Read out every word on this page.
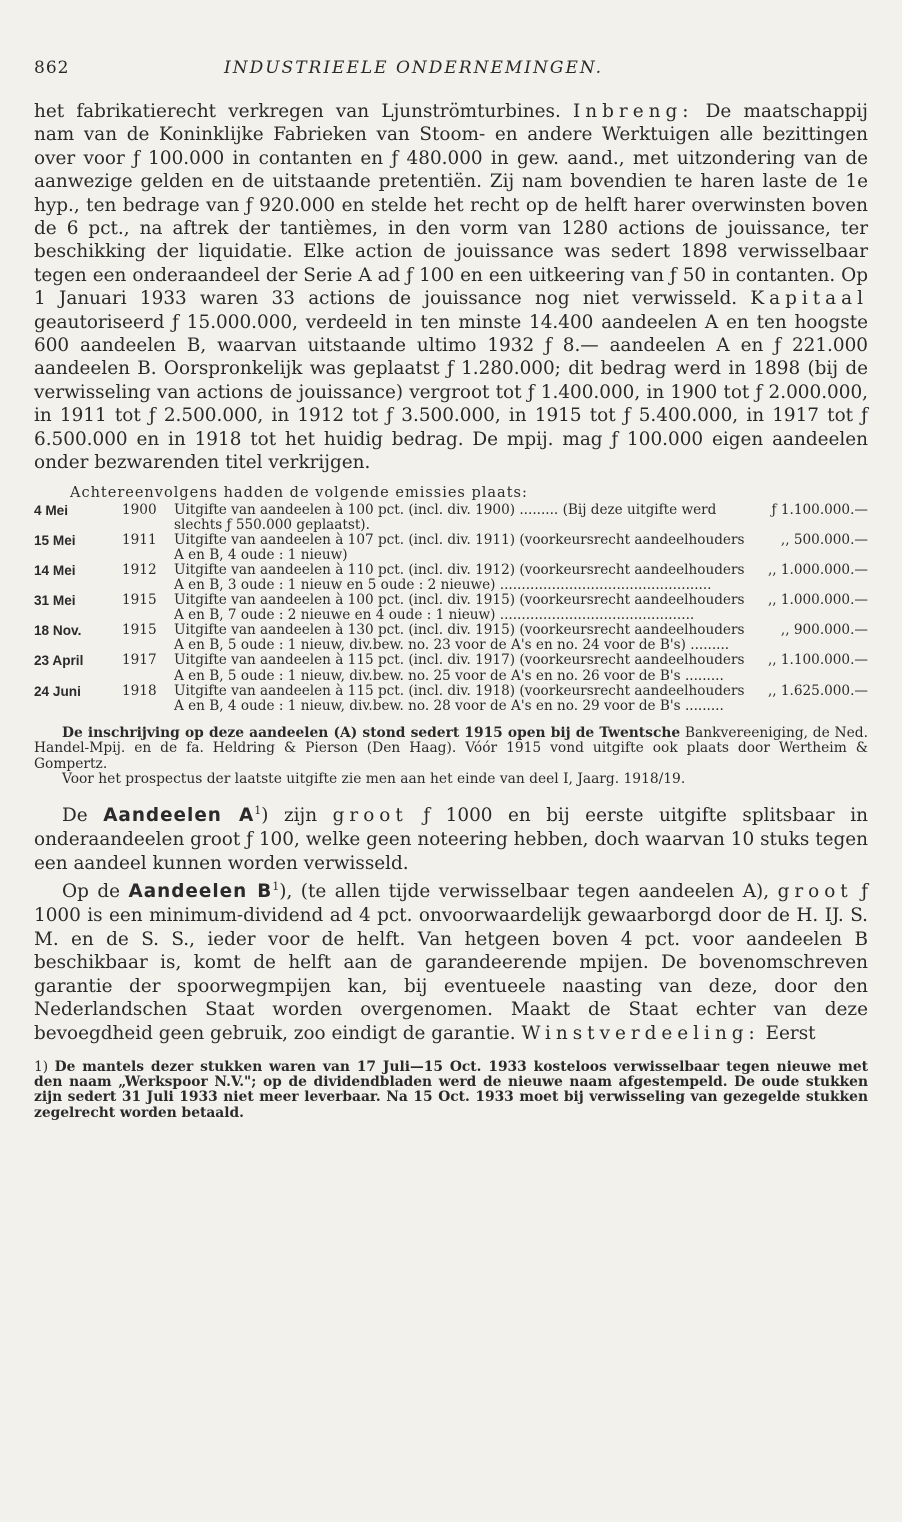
862	INDUSTRIEELE ONDERNEMINGEN.

het fabrikatierecht verkregen van Ljunströmturbines. Inbreng: De maatschappij nam van de Koninklijke Fabrieken van Stoom- en andere Werktuigen alle bezittingen over voor ƒ 100.000 in contanten en ƒ 480.000 in gew. aand., met uitzondering van de aanwezige gelden en de uitstaande pretentiën. Zij nam bovendien te haren laste de 1e hyp., ten bedrage van ƒ 920.000 en stelde het recht op de helft harer overwinsten boven de 6 pct., na aftrek der tantièmes, in den vorm van 1280 actions de jouissance, ter beschikking der liquidatie. Elke action de jouissance was sedert 1898 verwisselbaar tegen een onderaandeel der Serie A ad ƒ 100 en een uitkeering van ƒ 50 in contanten. Op 1 Januari 1933 waren 33 actions de jouissance nog niet verwisseld. Kapitaal geautoriseerd ƒ 15.000.000, verdeeld in ten minste 14.400 aandeelen A en ten hoogste 600 aandeelen B, waarvan uitstaande ultimo 1932 ƒ 8.— aandeelen A en ƒ 221.000 aandeelen B. Oorspronkelijk was geplaatst ƒ 1.280.000; dit bedrag werd in 1898 (bij de verwisseling van actions de jouissance) vergroot tot ƒ 1.400.000, in 1900 tot ƒ 2.000.000, in 1911 tot ƒ 2.500.000, in 1912 tot ƒ 3.500.000, in 1915 tot ƒ 5.400.000, in 1917 tot ƒ 6.500.000 en in 1918 tot het huidig bedrag. De mpij. mag ƒ 100.000 eigen aandeelen onder bezwarenden titel verkrijgen.

Achtereenvolgens hadden de volgende emissies plaats:
4 Mei	1900	Uitgifte van aandeelen à 100 pct. (incl. div. 1900) ......... (Bij deze uitgifte werd slechts ƒ 550.000 geplaatst).	ƒ 1.100.000.—
15 Mei	1911	Uitgifte van aandeelen à 107 pct. (incl. div. 1911) (voorkeursrecht aandeelhouders A en B, 4 oude : 1 nieuw)	,, 500.000.—
14 Mei	1912	Uitgifte van aandeelen à 110 pct. (incl. div. 1912) (voorkeursrecht aandeelhouders A en B, 3 oude : 1 nieuw en 5 oude : 2 nieuwe) .................................................	,, 1.000.000.—
31 Mei	1915	Uitgifte van aandeelen à 100 pct. (incl. div. 1915) (voorkeursrecht aandeelhouders A en B, 7 oude : 2 nieuwe en 4 oude : 1 nieuw) .............................................	,, 1.000.000.—
18 Nov.	1915	Uitgifte van aandeelen à 130 pct. (incl. div. 1915) (voorkeursrecht aandeelhouders A en B, 5 oude : 1 nieuw, div.bew. no. 23 voor de A's en no. 24 voor de B's) .........	,, 900.000.—
23 April	1917	Uitgifte van aandeelen à 115 pct. (incl. div. 1917) (voorkeursrecht aandeelhouders A en B, 5 oude : 1 nieuw, div.bew. no. 25 voor de A's en no. 26 voor de B's .........	,, 1.100.000.—
24 Juni	1918	Uitgifte van aandeelen à 115 pct. (incl. div. 1918) (voorkeursrecht aandeelhouders A en B, 4 oude : 1 nieuw, div.bew. no. 28 voor de A's en no. 29 voor de B's .........	,, 1.625.000.—

De inschrijving op deze aandeelen (A) stond sedert 1915 open bij de Twentsche Bankvereeniging, de Ned. Handel-Mpij. en de fa. Heldring & Pierson (Den Haag). Vóór 1915 vond uitgifte ook plaats door Wertheim & Gompertz.

Voor het prospectus der laatste uitgifte zie men aan het einde van deel I, Jaarg. 1918/19.

De Aandeelen $A^1$) zijn groot ƒ 1000 en bij eerste uitgifte splitsbaar in onderaandeelen groot ƒ 100, welke geen noteering hebben, doch waarvan 10 stuks tegen een aandeel kunnen worden verwisseld.

Op de Aandeelen $B^1$), (te allen tijde verwisselbaar tegen aandeelen A), groot ƒ 1000 is een minimum-dividend ad 4 pct. onvoorwaardelijk gewaarborgd door de H. IJ. S. M. en de S. S., ieder voor de helft. Van hetgeen boven 4 pct. voor aandeelen B beschikbaar is, komt de helft aan de garandeerende mpijen. De bovenomschreven garantie der spoorwegmpijen kan, bij eventueele naasting van deze, door den Nederlandschen Staat worden overgenomen. Maakt de Staat echter van deze bevoegdheid geen gebruik, zoo eindigt de garantie. Winstverdeeling: Eerst

1) De mantels dezer stukken waren van 17 Juli—15 Oct. 1933 kosteloos verwisselbaar tegen nieuwe met den naam „Werkspoor N.V."; op de dividendbladen werd de nieuwe naam afgestempeld. De oude stukken zijn sedert 31 Juli 1933 niet meer leverbaar. Na 15 Oct. 1933 moet bij verwisseling van gezegelde stukken zegelrecht worden betaald.
